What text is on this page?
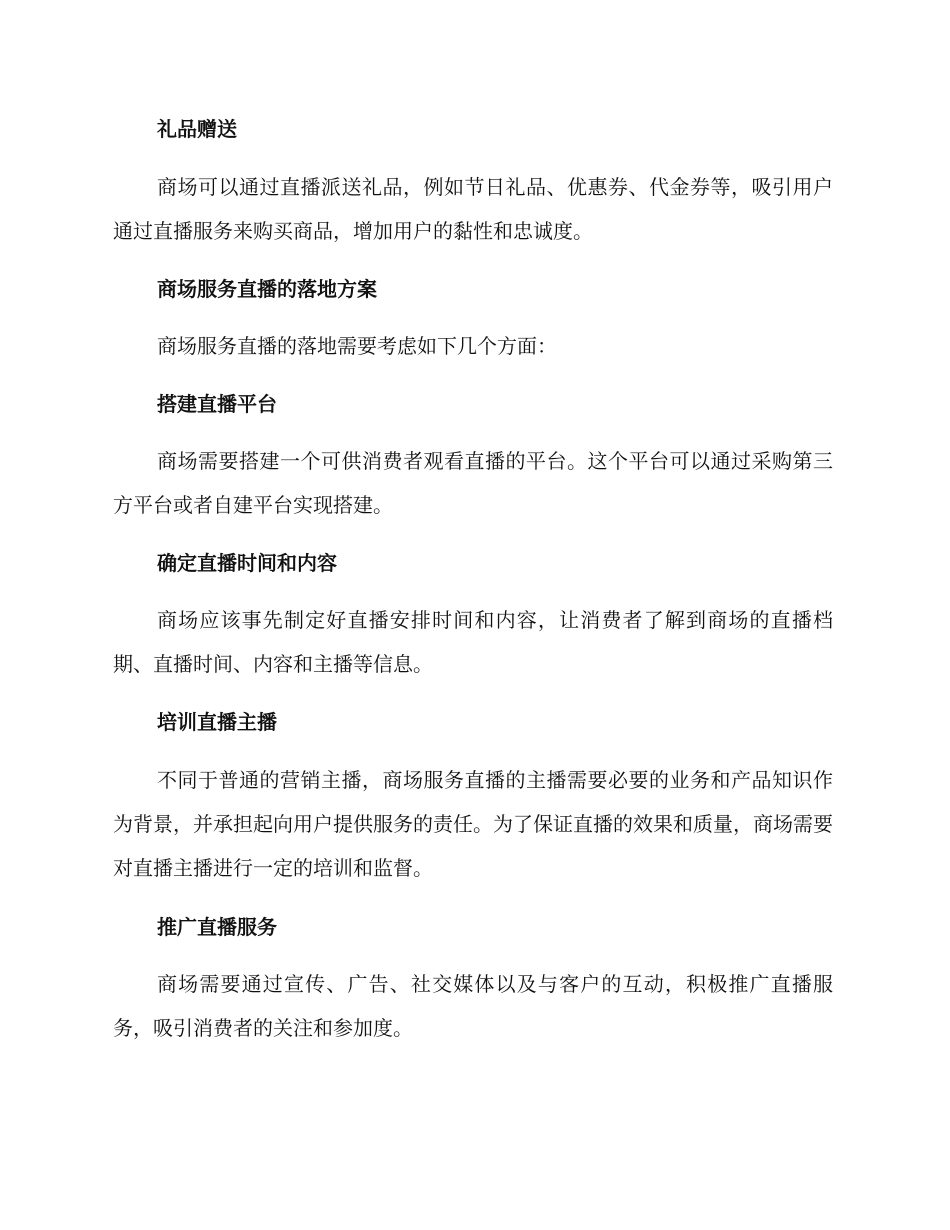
礼品赠送
商场可以通过直播派送礼品，例如节日礼品、优惠券、代金券等，吸引用户通过直播服务来购买商品，增加用户的黏性和忠诚度。
商场服务直播的落地方案
商场服务直播的落地需要考虑如下几个方面：
搭建直播平台
商场需要搭建一个可供消费者观看直播的平台。这个平台可以通过采购第三方平台或者自建平台实现搭建。
确定直播时间和内容
商场应该事先制定好直播安排时间和内容，让消费者了解到商场的直播档期、直播时间、内容和主播等信息。
培训直播主播
不同于普通的营销主播，商场服务直播的主播需要必要的业务和产品知识作为背景，并承担起向用户提供服务的责任。为了保证直播的效果和质量，商场需要对直播主播进行一定的培训和监督。
推广直播服务
商场需要通过宣传、广告、社交媒体以及与客户的互动，积极推广直播服务，吸引消费者的关注和参加度。
